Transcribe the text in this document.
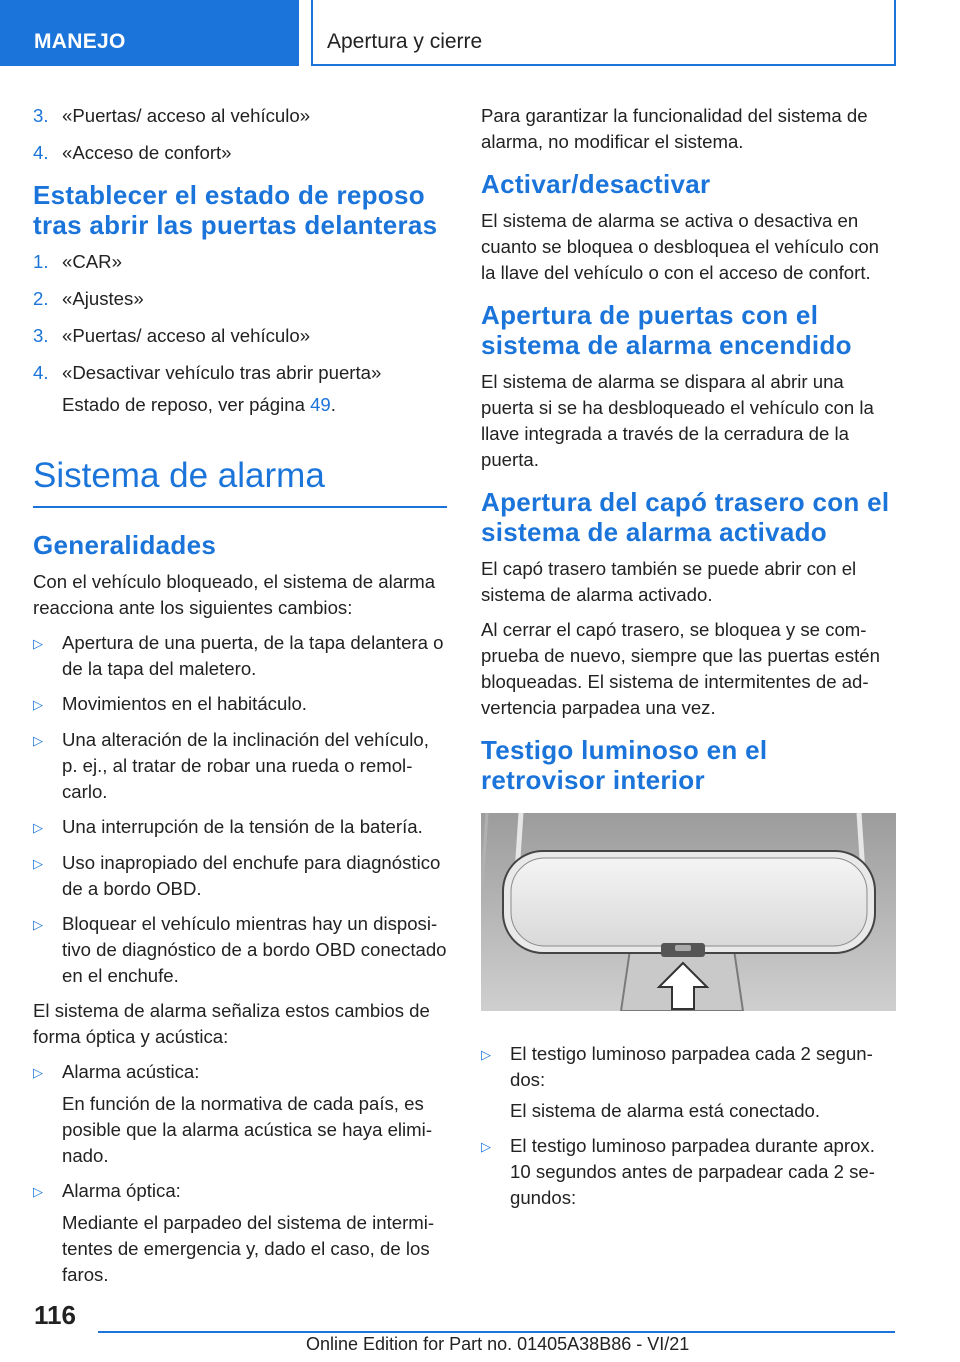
MANEJO	Apertura y cierre
3. «Puertas/ acceso al vehículo»
4. «Acceso de confort»
Establecer el estado de reposo tras abrir las puertas delanteras
1. «CAR»
2. «Ajustes»
3. «Puertas/ acceso al vehículo»
4. «Desactivar vehículo tras abrir puerta»
Estado de reposo, ver página 49.
Sistema de alarma
Generalidades

Con el vehículo bloqueado, el sistema de alarma reacciona ante los siguientes cambios:

▷	Apertura de una puerta, de la tapa delantera o de la tapa del maletero.
▷	Movimientos en el habitáculo.
▷	Una alteración de la inclinación del vehículo, p. ej., al tratar de robar una rueda o remolcarlo.
▷	Una interrupción de la tensión de la batería.
▷	Uso inapropiado del enchufe para diagnóstico de a bordo OBD.
▷	Bloquear el vehículo mientras hay un dispositivo de diagnóstico de a bordo OBD conectado en el enchufe.

El sistema de alarma señaliza estos cambios de forma óptica y acústica:

▷	Alarma acústica:
En función de la normativa de cada país, es posible que la alarma acústica se haya eliminado.
▷	Alarma óptica:
Mediante el parpadeo del sistema de intermitentes de emergencia y, dado el caso, de los faros.

Para garantizar la funcionalidad del sistema de alarma, no modificar el sistema.

Activar/desactivar

El sistema de alarma se activa o desactiva en cuanto se bloquea o desbloquea el vehículo con la llave del vehículo o con el acceso de confort.

Apertura de puertas con el sistema de alarma encendido

El sistema de alarma se dispara al abrir una puerta si se ha desbloqueado el vehículo con la llave integrada a través de la cerradura de la puerta.

Apertura del capó trasero con el sistema de alarma activado

El capó trasero también se puede abrir con el sistema de alarma activado.

Al cerrar el capó trasero, se bloquea y se comprueba de nuevo, siempre que las puertas estén bloqueadas. El sistema de intermitentes de advertencia parpadea una vez.

Testigo luminoso en el retrovisor interior
▷	El testigo luminoso parpadea cada 2 segundos:
El sistema de alarma está conectado.
▷	El testigo luminoso parpadea durante aprox. 10 segundos antes de parpadear cada 2 segundos:
116
Online Edition for Part no. 01405A38B86 - VI/21
